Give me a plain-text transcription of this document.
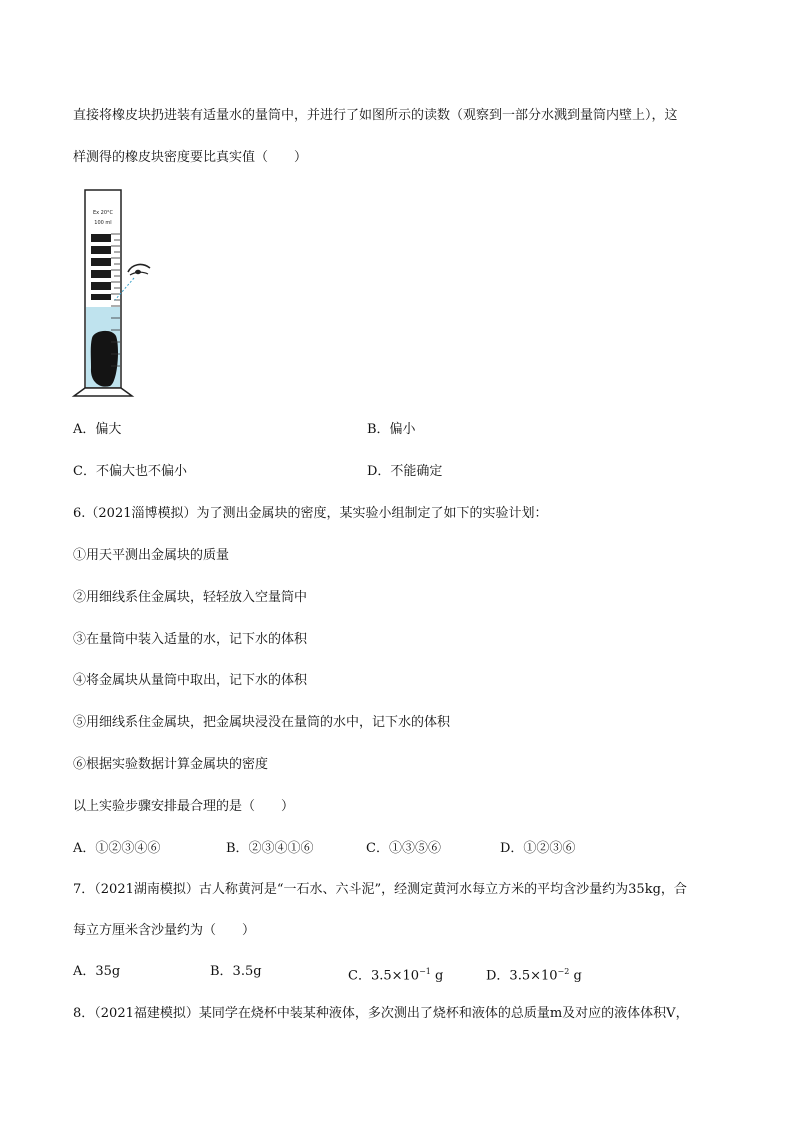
直接将橡皮块扔进装有适量水的量筒中，并进行了如图所示的读数（观察到一部分水溅到量筒内壁上），这
样测得的橡皮块密度要比真实值（　　）
Ex 20°C
100 ml
A．偏大	B．偏小
C．不偏大也不偏小	D．不能确定
6.（2021淄博模拟）为了测出金属块的密度，某实验小组制定了如下的实验计划：
①用天平测出金属块的质量
②用细线系住金属块，轻轻放入空量筒中
③在量筒中装入适量的水，记下水的体积
④将金属块从量筒中取出，记下水的体积
⑤用细线系住金属块，把金属块浸没在量筒的水中，记下水的体积
⑥根据实验数据计算金属块的密度
以上实验步骤安排最合理的是（　　）
A．①②③④⑥	B．②③④①⑥	C．①③⑤⑥	D．①②③⑥
7．（2021湖南模拟）古人称黄河是“一石水、六斗泥”，经测定黄河水每立方米的平均含沙量约为35kg，合
每立方厘米含沙量约为（　　）
A．35g	B．3.5g	C．$3.5\times 10^{-1}$ g	D．$3.5\times 10^{-2}$ g
8．（2021福建模拟）某同学在烧杯中装某种液体，多次测出了烧杯和液体的总质量m及对应的液体体积V，
